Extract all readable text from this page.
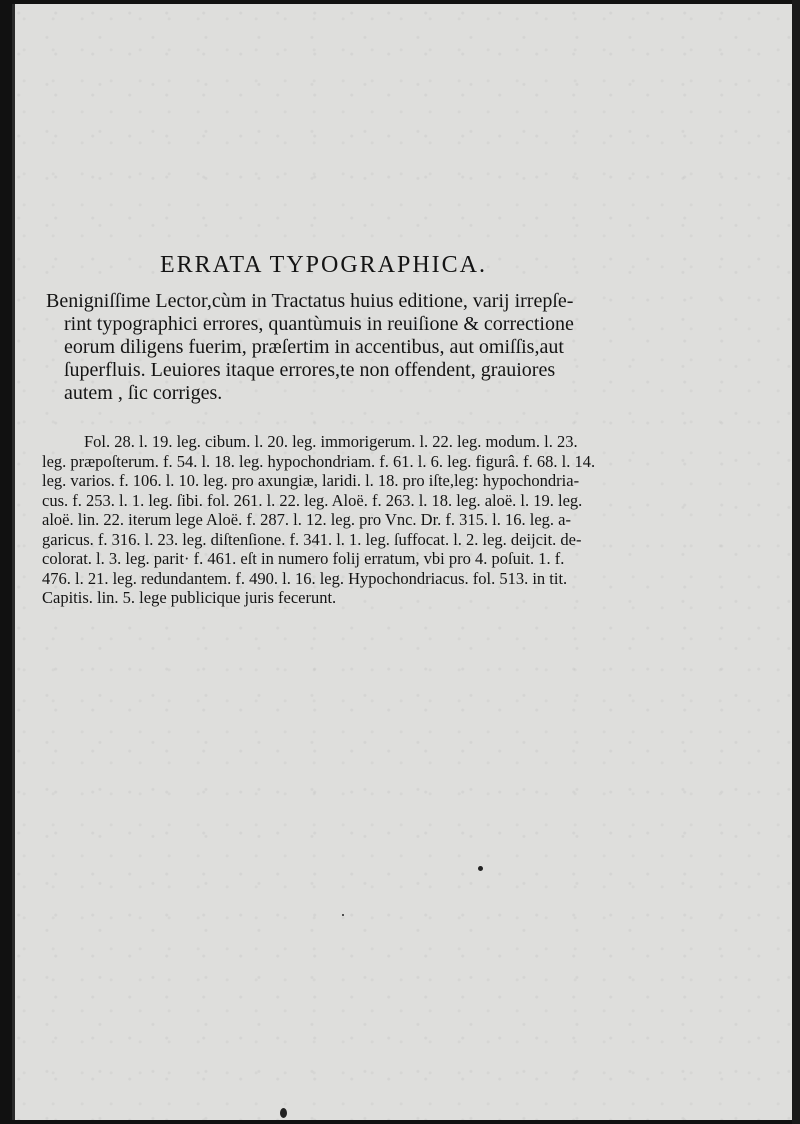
ERRATA TYPOGRAPHICA.
Benigniſſime Lector,cùm in Tractatus huius editione, varij irrepſe-
rint typographici errores, quantùmuis in reuiſione & correctione
eorum diligens fuerim, præſertim in accentibus, aut omiſſis,aut
ſuperfluis. Leuiores itaque errores,te non offendent, grauiores
autem , ſic corriges.
Fol. 28. l. 19. leg. cibum. l. 20. leg. immorigerum. l. 22. leg. modum. l. 23.
leg. præpoſterum. f. 54. l. 18. leg. hypochondriam. f. 61. l. 6. leg. figurâ. f. 68. l. 14.
leg. varios. f. 106. l. 10. leg. pro axungiæ, laridi. l. 18. pro iſte,leg: hypochondria-
cus. f. 253. l. 1. leg. ſibi. fol. 261. l. 22. leg. Aloë. f. 263. l. 18. leg. aloë. l. 19. leg.
aloë. lin. 22. iterum lege Aloë. f. 287. l. 12. leg. pro Vnc. Dr. f. 315. l. 16. leg. a-
garicus. f. 316. l. 23. leg. diſtenſione. f. 341. l. 1. leg. ſuffocat. l. 2. leg. deijcit. de-
colorat. l. 3. leg. parit· f. 461. eſt in numero folij erratum, vbi pro 4. poſuit. 1. f.
476. l. 21. leg. redundantem. f. 490. l. 16. leg. Hypochondriacus. fol. 513. in tit.
Capitis. lin. 5. lege publicique juris fecerunt.
